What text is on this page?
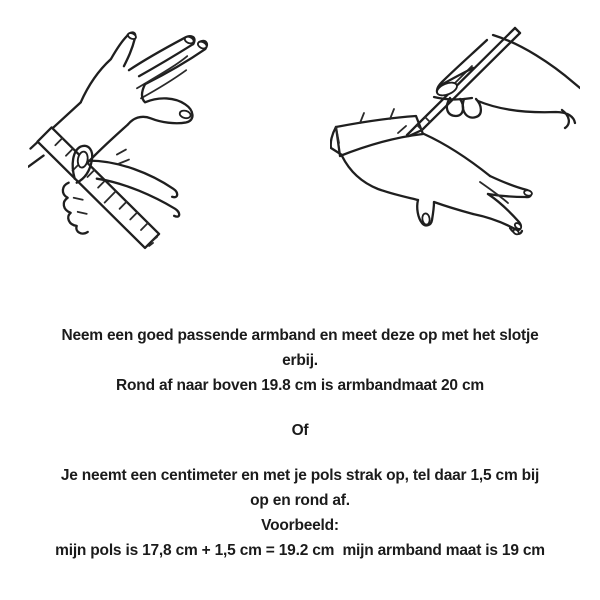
Neem een goed passende armband en meet deze op met het slotje
erbij.
Rond af naar boven 19.8 cm is armbandmaat 20 cm
Of
Je neemt een centimeter en met je pols strak op, tel daar 1,5 cm bij
op en rond af.
Voorbeeld:
mijn pols is 17,8 cm + 1,5 cm = 19.2 cm  mijn armband maat is 19 cm
